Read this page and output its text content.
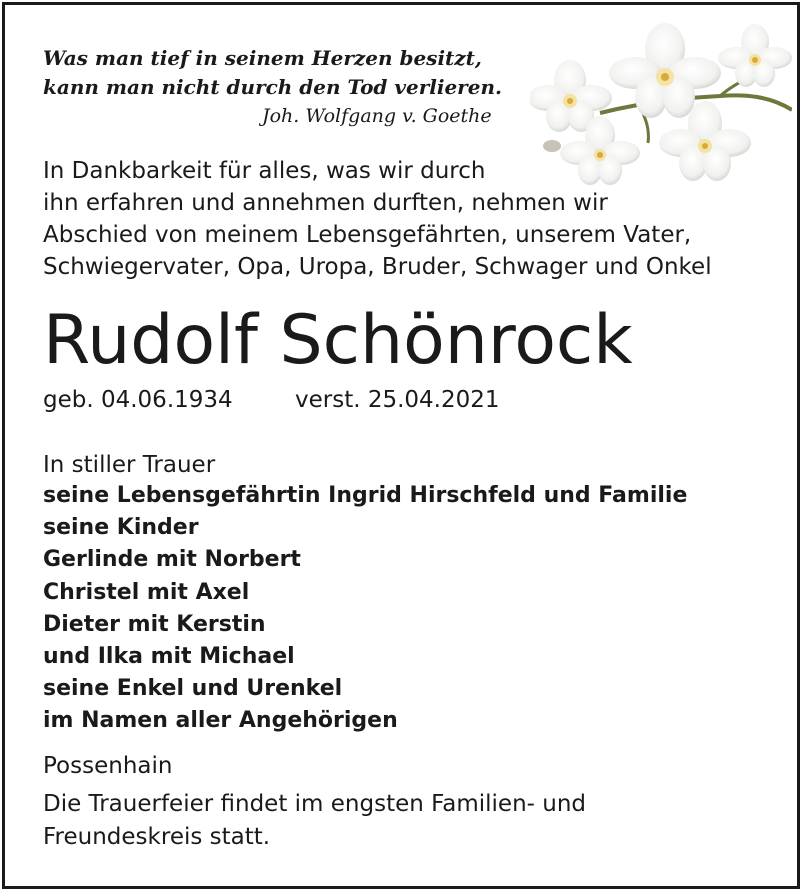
Was man tief in seinem Herzen besitzt,
kann man nicht durch den Tod verlieren.
Joh. Wolfgang v. Goethe
In Dankbarkeit für alles, was wir durch
ihn erfahren und annehmen durften, nehmen wir
Abschied von meinem Lebensgefährten, unserem Vater,
Schwiegervater, Opa, Uropa, Bruder, Schwager und Onkel
Rudolf Schönrock
geb. 04.06.1934	verst. 25.04.2021
In stiller Trauer
seine Lebensgefährtin Ingrid Hirschfeld und Familie
seine Kinder
Gerlinde mit Norbert
Christel mit Axel
Dieter mit Kerstin
und Ilka mit Michael
seine Enkel und Urenkel
im Namen aller Angehörigen
Possenhain
Die Trauerfeier findet im engsten Familien- und
Freundeskreis statt.
